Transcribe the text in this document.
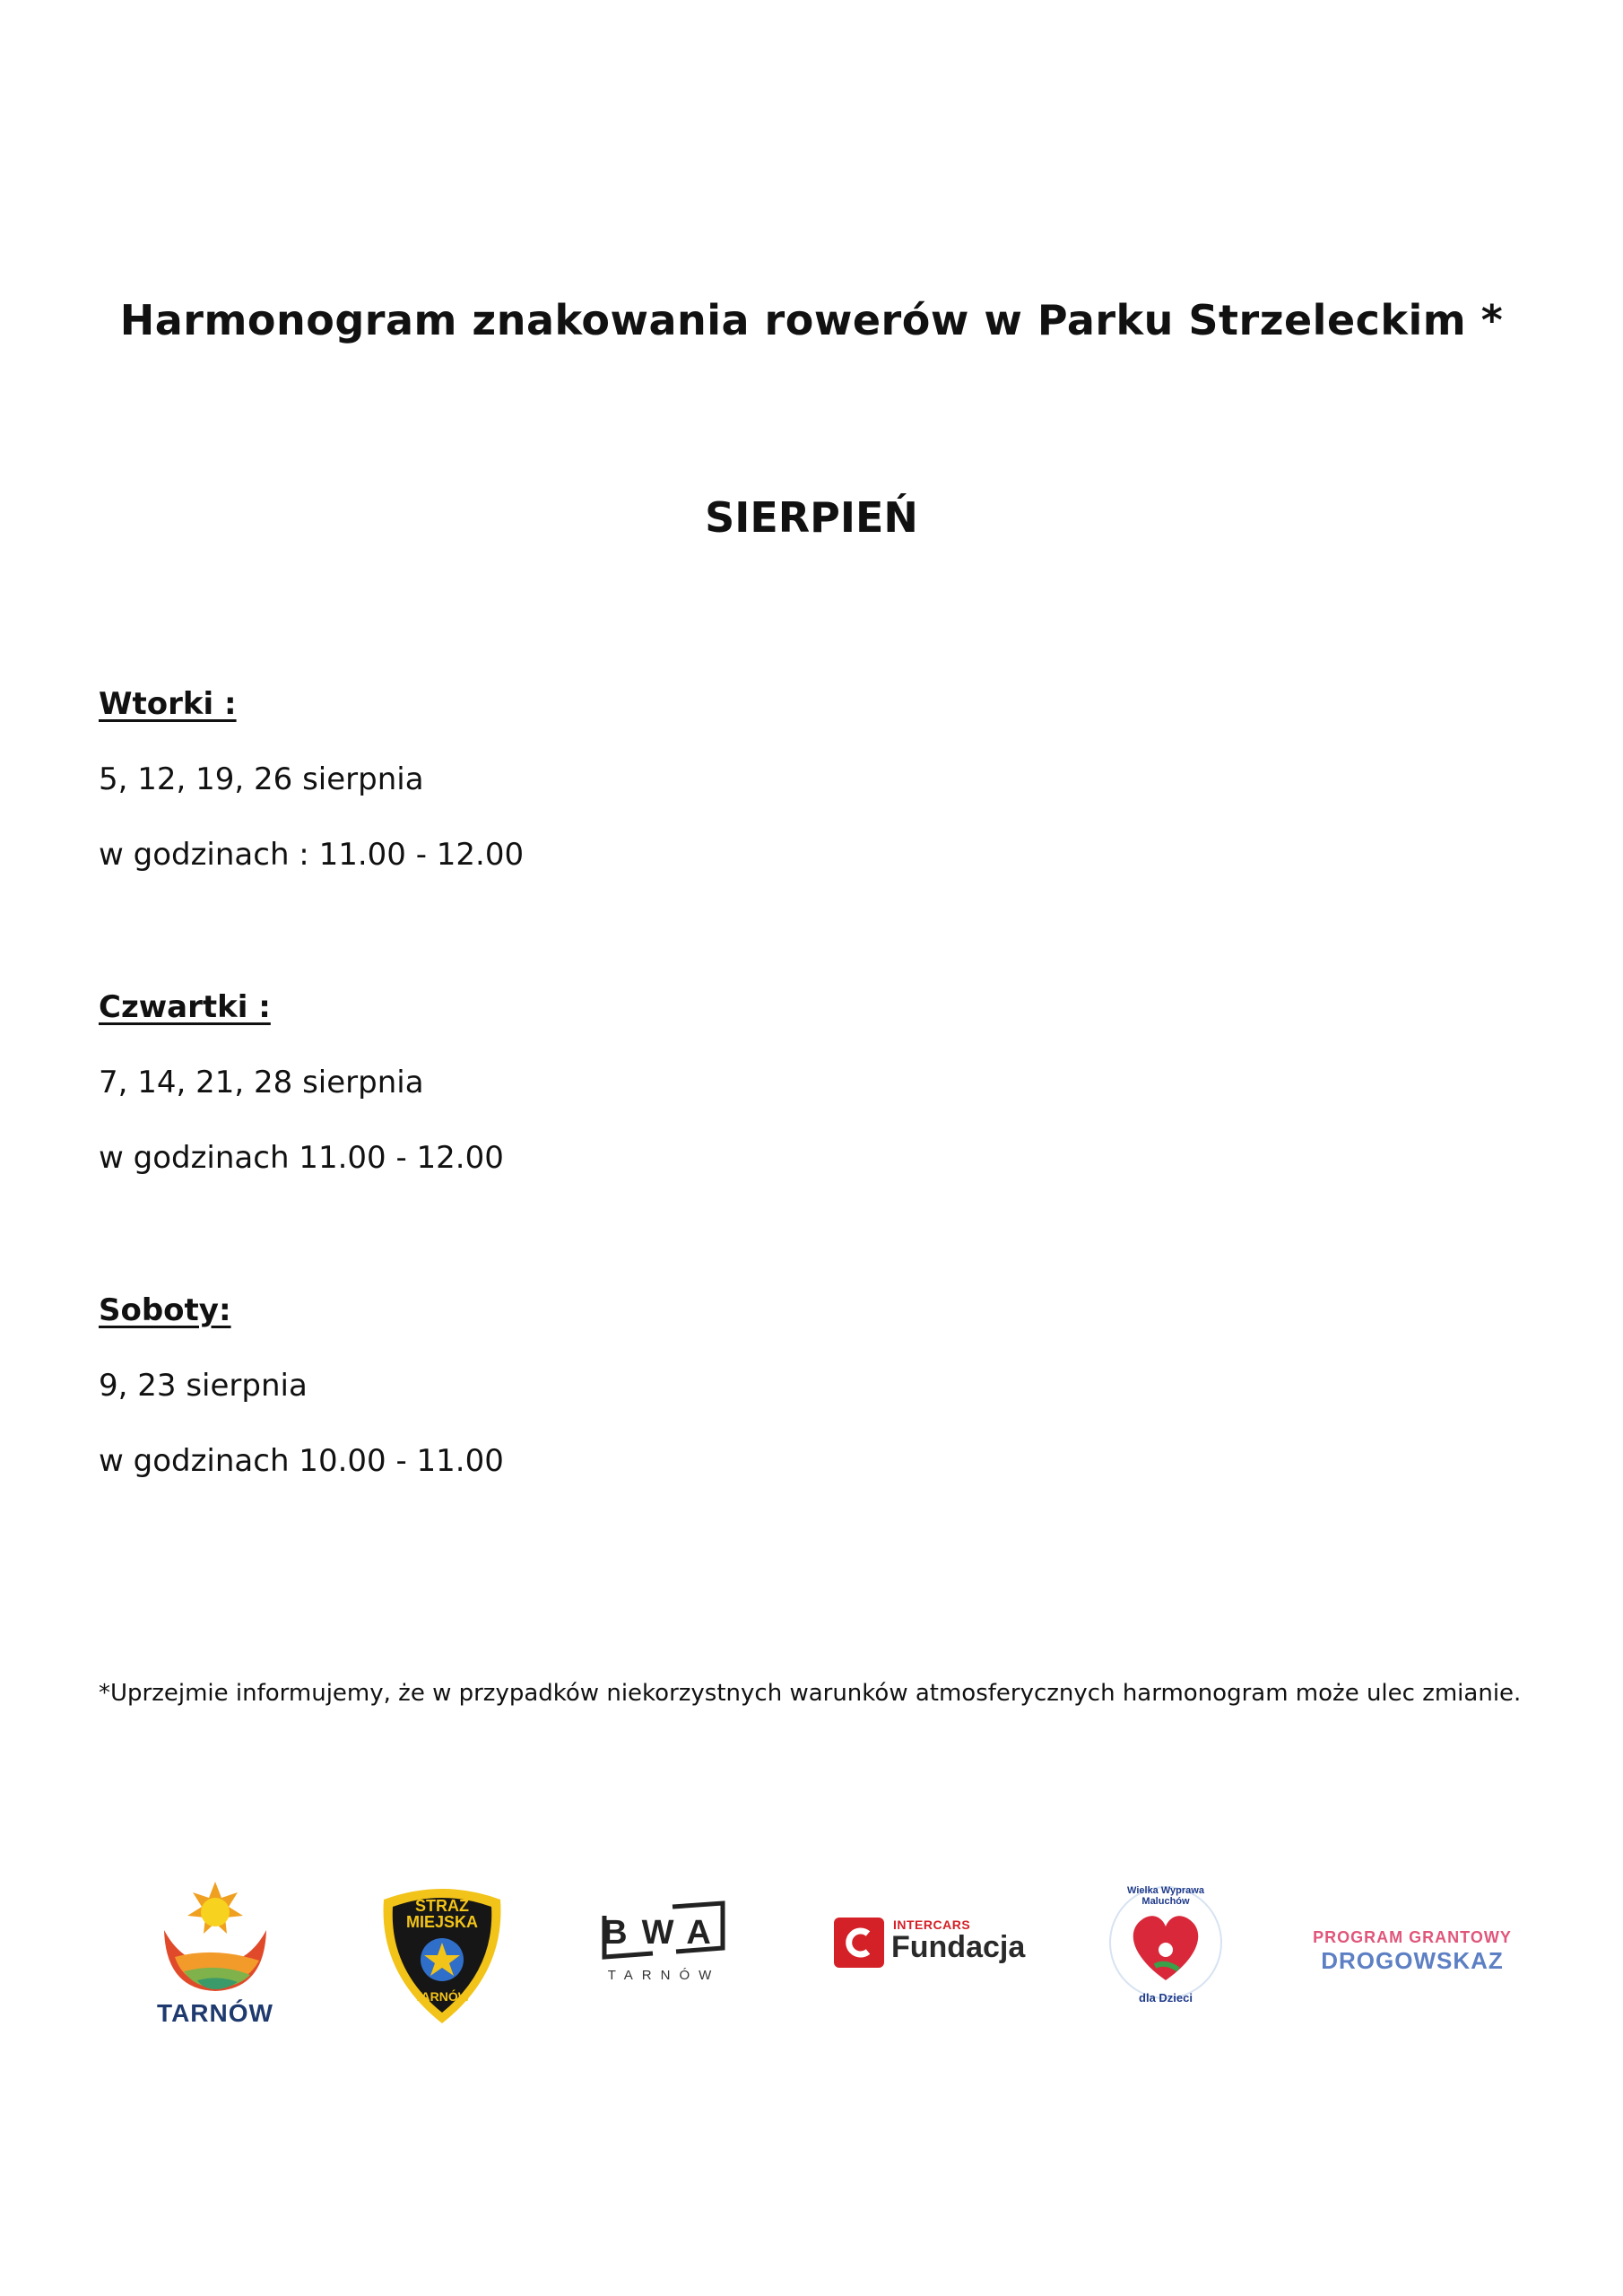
Harmonogram znakowania rowerów w Parku Strzeleckim *
SIERPIEŃ

Wtorki :

5, 12, 19, 26 sierpnia

w godzinach : 11.00 - 12.00

Czwartki :

7, 14, 21, 28 sierpnia

w godzinach 11.00 - 12.00

Soboty:

9, 23 sierpnia

w godzinach 10.00 - 11.00

*Uprzejmie informujemy, że w przypadków niekorzystnych warunków atmosferycznych harmonogram może ulec zmianie.
TARNÓW
STRAŻ
MIEJSKA
TARNÓW
BWA
TARNÓW
INTERCARS
Fundacja
Wielka Wyprawa Maluchów
dla Dzieci
PROGRAM GRANTOWY
DROGOWSKAZ
